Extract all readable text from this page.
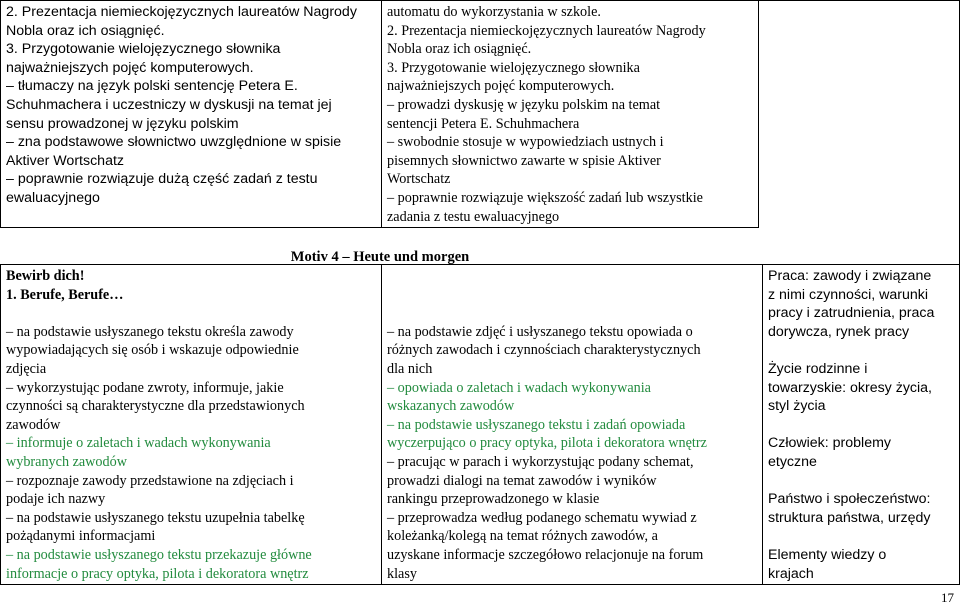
2. Prezentacja niemieckojęzycznych laureatów Nagrody
Nobla oraz ich osiągnięć.
3. Przygotowanie wielojęzycznego słownika
najważniejszych pojęć komputerowych.
– tłumaczy na język polski sentencję Petera E.
Schuhmachera i uczestniczy w dyskusji na temat jej
sensu prowadzonej w języku polskim
– zna podstawowe słownictwo uwzględnione w spisie
Aktiver Wortschatz
– poprawnie rozwiązuje dużą część zadań z testu
ewaluacyjnego
automatu do wykorzystania w szkole.
2. Prezentacja niemieckojęzycznych laureatów Nagrody
Nobla oraz ich osiągnięć.
3. Przygotowanie wielojęzycznego słownika
najważniejszych pojęć komputerowych.
– prowadzi dyskusję w języku polskim na temat
sentencji Petera E. Schuhmachera
– swobodnie stosuje w wypowiedziach ustnych i
pisemnych słownictwo zawarte w spisie Aktiver
Wortschatz
– poprawnie rozwiązuje większość zadań lub wszystkie
zadania z testu ewaluacyjnego
Motiv 4 – Heute und morgen
Bewirb dich!
1. Berufe, Berufe…

– na podstawie usłyszanego tekstu określa zawody
wypowiadających się osób i wskazuje odpowiednie
zdjęcia
– wykorzystując podane zwroty, informuje, jakie
czynności są charakterystyczne dla przedstawionych
zawodów
– informuje o zaletach i wadach wykonywania
wybranych zawodów
– rozpoznaje zawody przedstawione na zdjęciach i
podaje ich nazwy
– na podstawie usłyszanego tekstu uzupełnia tabelkę
pożądanymi informacjami
– na podstawie usłyszanego tekstu przekazuje główne
informacje o pracy optyka, pilota i dekoratora wnętrz

– na podstawie zdjęć i usłyszanego tekstu opowiada o
różnych zawodach i czynnościach charakterystycznych
dla nich
– opowiada o zaletach i wadach wykonywania
wskazanych zawodów
– na podstawie usłyszanego tekstu i zadań opowiada
wyczerpująco o pracy optyka, pilota i dekoratora wnętrz
– pracując w parach i wykorzystując podany schemat,
prowadzi dialogi na temat zawodów i wyników
rankingu przeprowadzonego w klasie
– przeprowadza według podanego schematu wywiad z
koleżanką/kolegą na temat różnych zawodów, a
uzyskane informacje szczegółowo relacjonuje na forum
klasy
Praca: zawody i związane
z nimi czynności, warunki
pracy i zatrudnienia, praca
dorywcza, rynek pracy

Życie rodzinne i
towarzyskie: okresy życia,
styl życia

Człowiek: problemy
etyczne

Państwo i społeczeństwo:
struktura państwa, urzędy

Elementy wiedzy o
krajach
17
